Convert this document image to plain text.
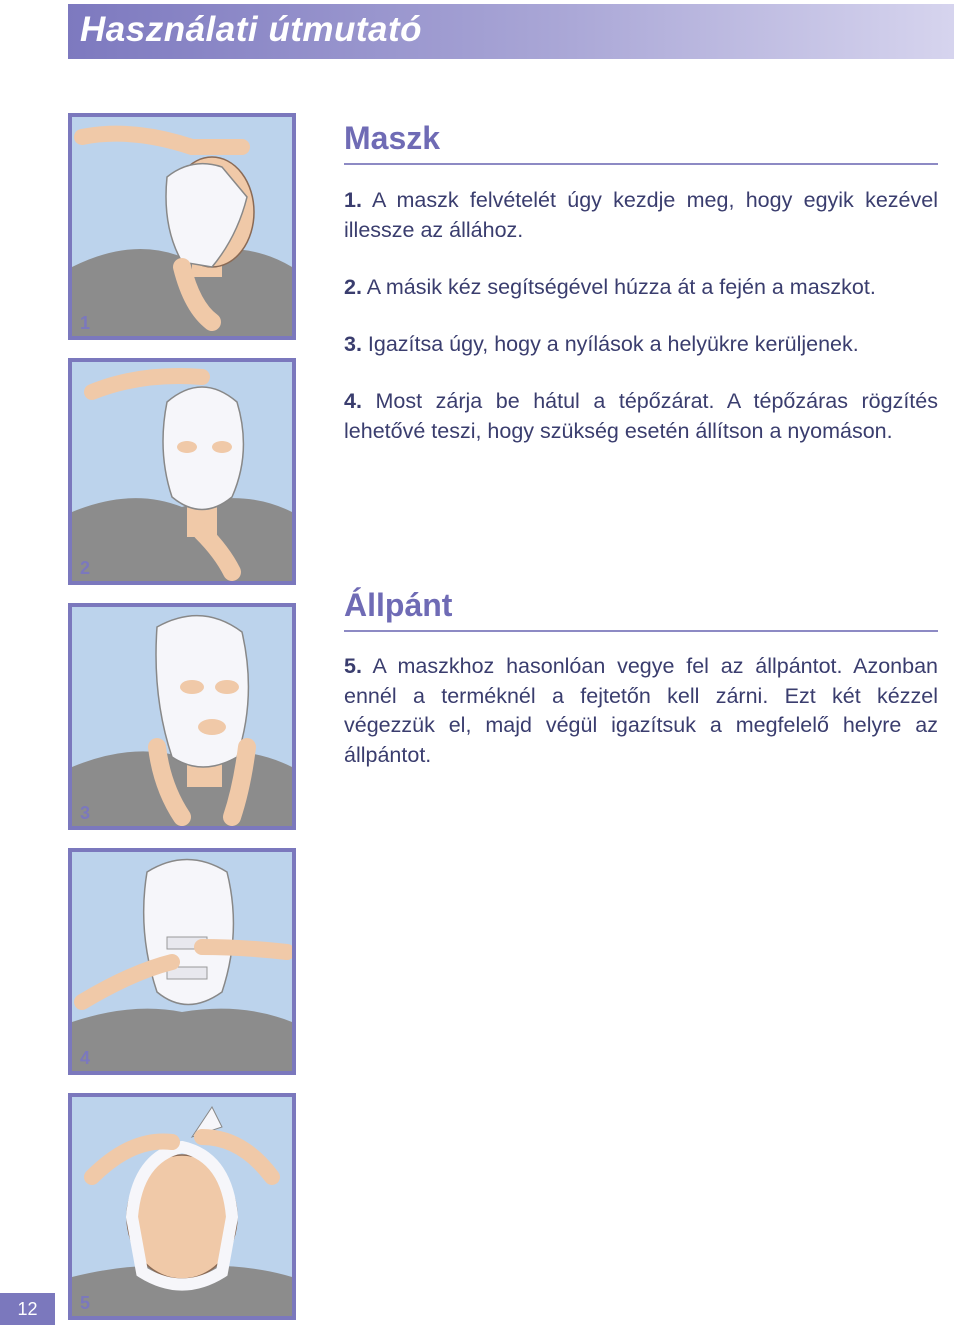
Használati útmutató
1
2
3
4
5
Maszk

1. A maszk felvételét úgy kezdje meg, hogy egyik kezével illessze az állához.

2. A másik kéz segítségével húzza át a fején a maszkot.

3. Igazítsa úgy, hogy a nyílások a helyükre kerüljenek.

4. Most zárja be hátul a tépőzárat. A tépőzáras rögzítés lehetővé teszi, hogy szükség esetén állítson a nyomáson.

Állpánt

5. A maszkhoz hasonlóan vegye fel az állpántot. Azonban ennél a terméknél a fejtetőn kell zárni. Ezt két kézzel végezzük el, majd végül igazítsuk a megfelelő helyre az állpántot.

12
